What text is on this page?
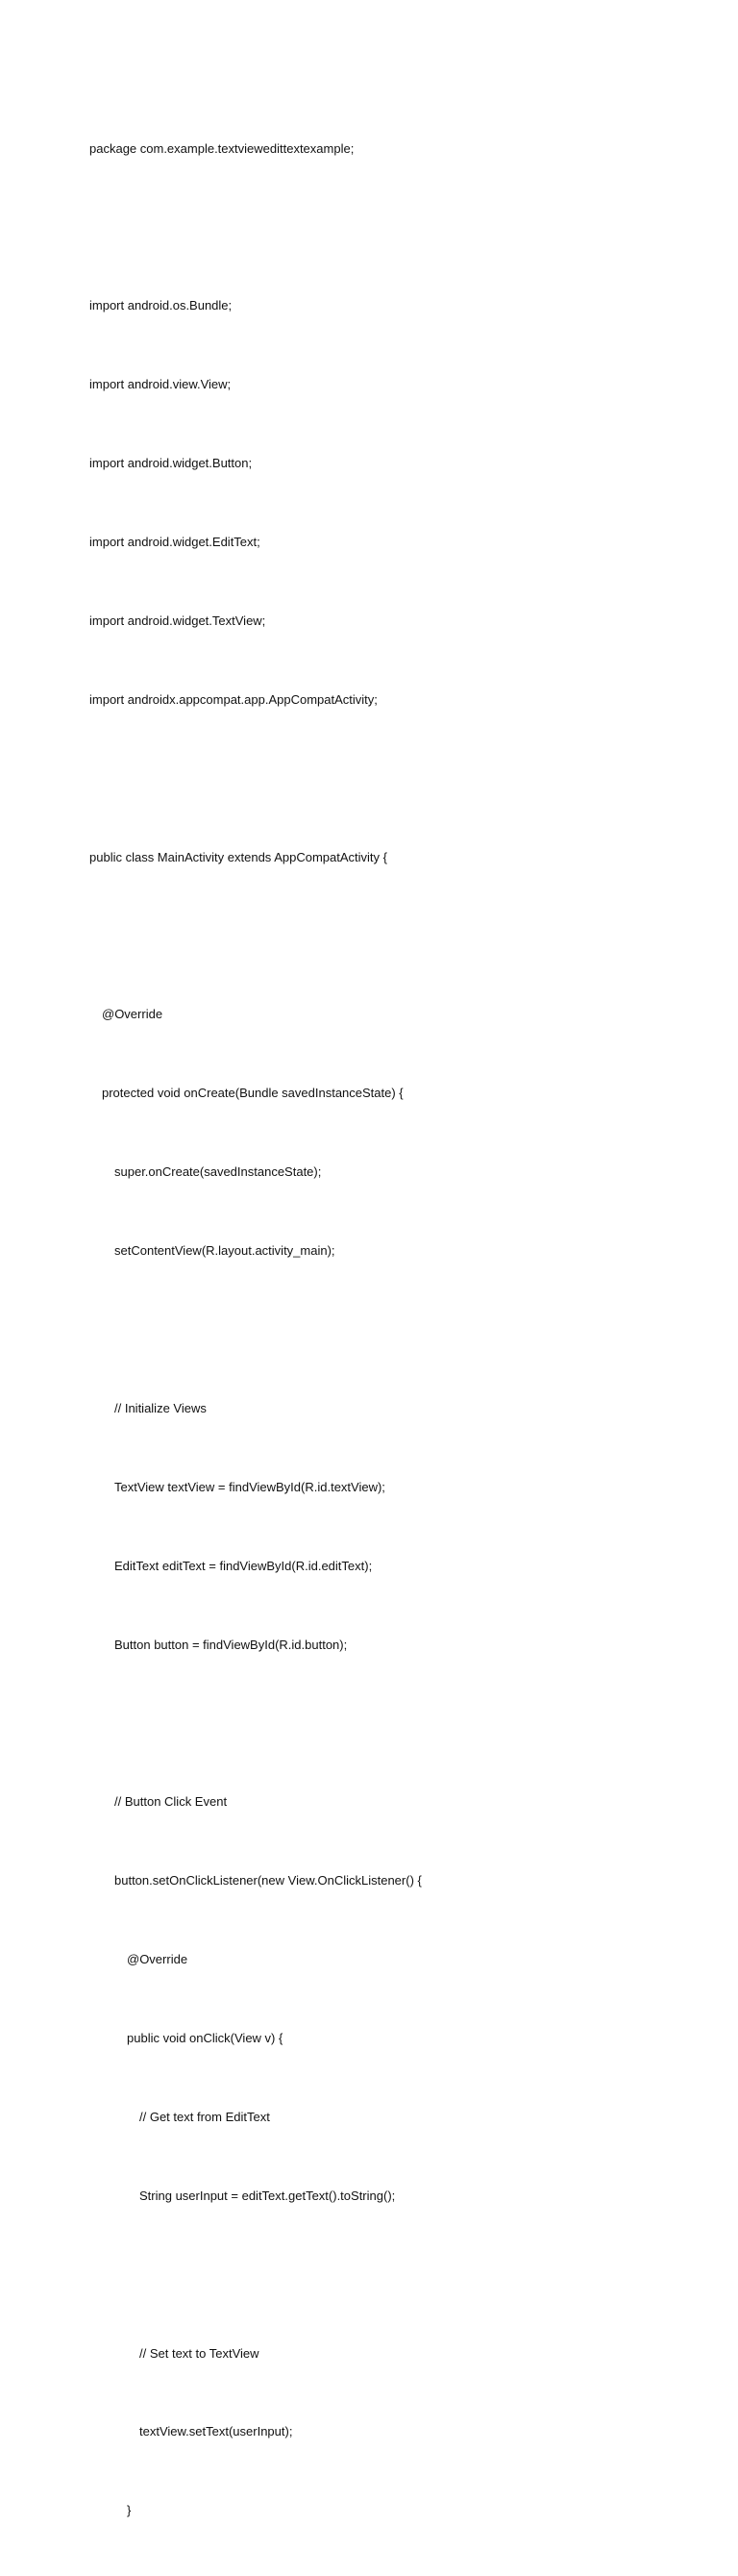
package com.example.textviewedittextexample;

import android.os.Bundle;

import android.view.View;

import android.widget.Button;

import android.widget.EditText;

import android.widget.TextView;

import androidx.appcompat.app.AppCompatActivity;

public class MainActivity extends AppCompatActivity {

@Override

protected void onCreate(Bundle savedInstanceState) {

super.onCreate(savedInstanceState);

setContentView(R.layout.activity_main);

// Initialize Views

TextView textView = findViewById(R.id.textView);

EditText editText = findViewById(R.id.editText);

Button button = findViewById(R.id.button);

// Button Click Event

button.setOnClickListener(new View.OnClickListener() {

@Override

public void onClick(View v) {

// Get text from EditText

String userInput = editText.getText().toString();

// Set text to TextView

textView.setText(userInput);

}
